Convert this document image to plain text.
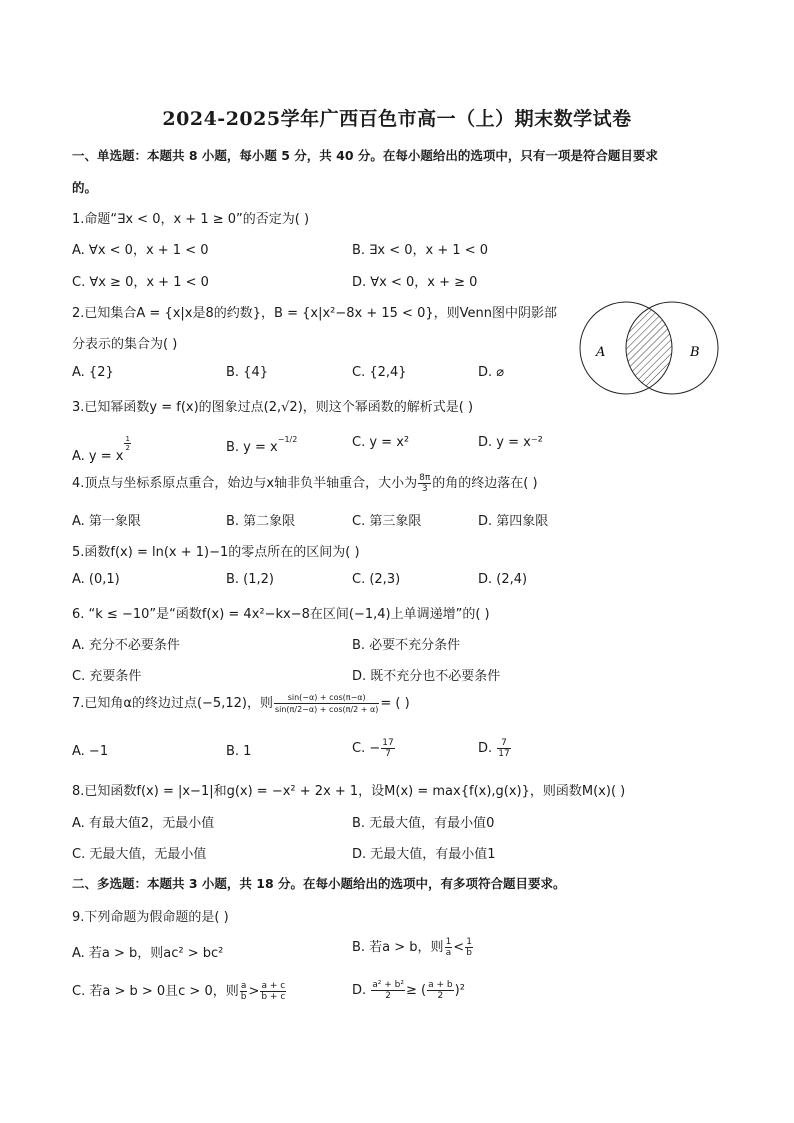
2024-2025学年广西百色市高一（上）期末数学试卷
一、单选题：本题共 8 小题，每小题 5 分，共 40 分。在每小题给出的选项中，只有一项是符合题目要求
的。
1.命题“∃x < 0，x + 1 ≥ 0”的否定为( )
A. ∀x < 0，x + 1 < 0	B. ∃x < 0，x + 1 < 0
C. ∀x ≥ 0，x + 1 < 0	D. ∀x < 0，x + ≥ 0
2.已知集合A = {x|x是8的约数}，B = {x|x²−8x + 15 < 0}，则Venn图中阴影部
分表示的集合为( )
A. {2}	B. {4}	C. {2,4}	D. ⌀
A	B
3.已知幂函数y = f(x)的图象过点(2,√2)，则这个幂函数的解析式是( )
A. y = x
$\frac{1}{2}$	B. $y = x^{-1/2}$	C. y = x²	D. y = x⁻²
4.顶点与坐标系原点重合，始边与x轴非负半轴重合，大小为 $\frac{8\pi}{3}$ 的角的终边落在( )
A. 第一象限	B. 第二象限	C. 第三象限	D. 第四象限
5.函数f(x) = ln(x + 1)−1的零点所在的区间为( )
A. (0,1)	B. (1,2)	C. (2,3)	D. (2,4)
6. “k ≤ −10”是“函数f(x) = 4x²−kx−8在区间(−1,4)上单调递增”的( )
A. 充分不必要条件	B. 必要不充分条件
C. 充要条件	D. 既不充分也不必要条件
7.已知角α的终边过点(−5,12)，则 $\frac{\sin(-\alpha) + \cos(\pi-\alpha)}{\sin(\pi/2-\alpha) + \cos(\pi/2 + \alpha)}$ = ( )
A. −1	B. 1	C. − $\frac{17}{7}$	D. $\frac{7}{17}$
8.已知函数f(x) = |x−1|和g(x) = −x² + 2x + 1，设M(x) = max{f(x),g(x)}，则函数M(x)( )
A. 有最大值2，无最小值	B. 无最大值，有最小值0
C. 无最大值，无最小值	D. 无最大值，有最小值1
二、多选题：本题共 3 小题，共 18 分。在每小题给出的选项中，有多项符合题目要求。
9.下列命题为假命题的是( )
A. 若a > b，则ac² > bc²	B. 若a > b，则 $\frac{1}{a} < \frac{1}{b}$
C. 若a > b > 0且c > 0，则 $\frac{a}{b} > \frac{a + c}{b + c}$	D. $\frac{\text{a² + b²}}{2}$ ≥ ( $\frac{a + b}{2} )^2$
